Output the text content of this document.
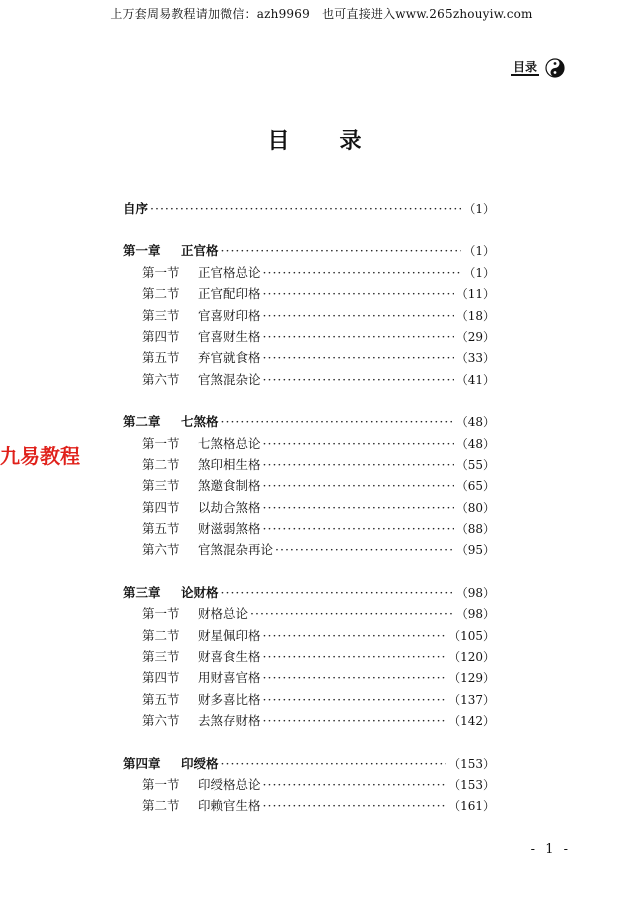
上万套周易教程请加微信：azh9969　也可直接进入www.265zhouyiw.com
目录
目　录
九易教程
自序 ·····	（1）
第一章	正官格 ·····	（1）
第一节	正官格总论 ·····	（1）
第二节	正官配印格 ·····	（11）
第三节	官喜财印格 ·····	（18）
第四节	官喜财生格 ·····	（29）
第五节	弃官就食格 ·····	（33）
第六节	官煞混杂论 ·····	（41）
第二章	七煞格 ·····	（48）
第一节	七煞格总论 ·····	（48）
第二节	煞印相生格 ·····	（55）
第三节	煞邀食制格 ·····	（65）
第四节	以劫合煞格 ·····	（80）
第五节	财滋弱煞格 ·····	（88）
第六节	官煞混杂再论 ·····	（95）
第三章	论财格 ·····	（98）
第一节	财格总论 ·····	（98）
第二节	财星佩印格 ·····	（105）
第三节	财喜食生格 ·····	（120）
第四节	用财喜官格 ·····	（129）
第五节	财多喜比格 ·····	（137）
第六节	去煞存财格 ·····	（142）
第四章	印绶格 ·····	（153）
第一节	印绶格总论 ·····	（153）
第二节	印赖官生格 ·····	（161）
- 1 -
